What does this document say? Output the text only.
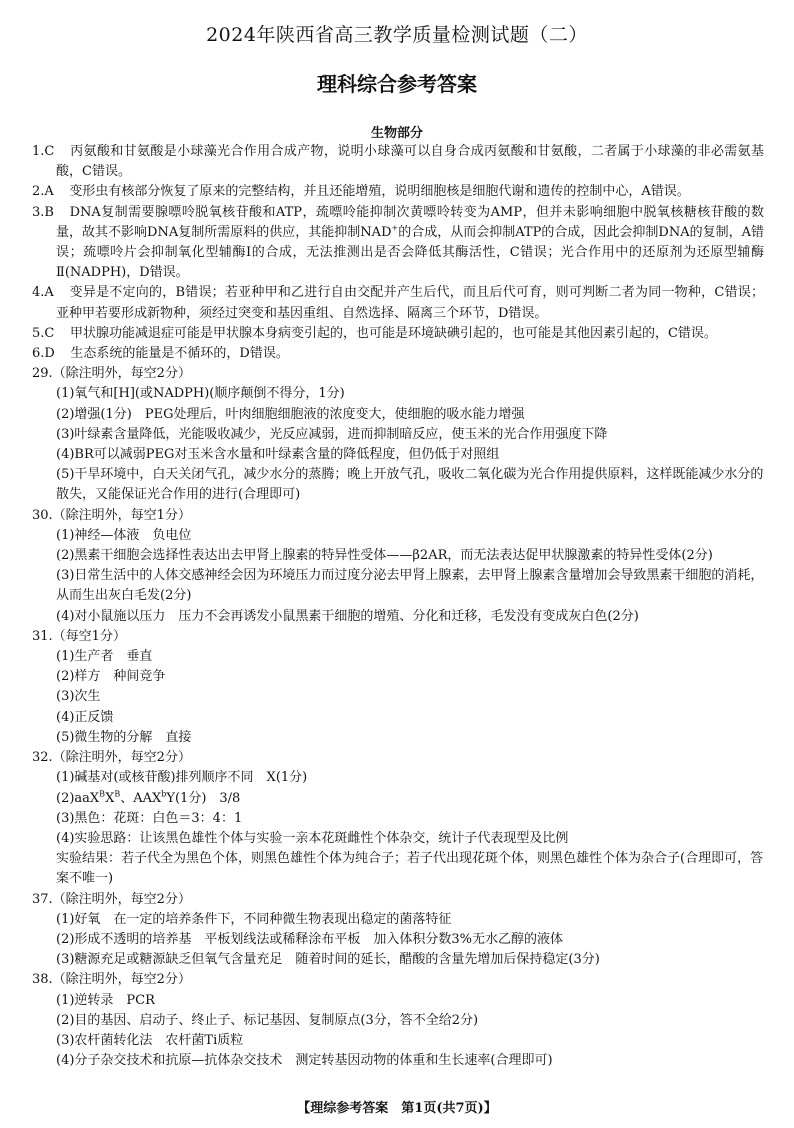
2024年陕西省高三教学质量检测试题（二）
理科综合参考答案
生物部分

1.C 丙氨酸和甘氨酸是小球藻光合作用合成产物，说明小球藻可以自身合成丙氨酸和甘氨酸，二者属于小球藻的非必需氨基酸，C错误。

2.A 变形虫有核部分恢复了原来的完整结构，并且还能增殖，说明细胞核是细胞代谢和遗传的控制中心，A错误。

3.B DNA复制需要腺嘌呤脱氧核苷酸和ATP，巯嘌呤能抑制次黄嘌呤转变为AMP，但并未影响细胞中脱氧核糖核苷酸的数量，故其不影响DNA复制所需原料的供应，其能抑制NAD+的合成，从而会抑制ATP的合成，因此会抑制DNA的复制，A错误；巯嘌呤片会抑制氧化型辅酶Ⅰ的合成，无法推测出是否会降低其酶活性，C错误；光合作用中的还原剂为还原型辅酶Ⅱ(NADPH)，D错误。

4.A 变异是不定向的，B错误；若亚种甲和乙进行自由交配并产生后代，而且后代可育，则可判断二者为同一物种，C错误；亚种甲若要形成新物种，须经过突变和基因重组、自然选择、隔离三个环节，D错误。

5.C 甲状腺功能减退症可能是甲状腺本身病变引起的，也可能是环境缺碘引起的，也可能是其他因素引起的，C错误。

6.D 生态系统的能量是不循环的，D错误。

29.（除注明外，每空2分）

(1)氧气和[H](或NADPH)(顺序颠倒不得分，1分)

(2)增强(1分)　PEG处理后，叶肉细胞细胞液的浓度变大，使细胞的吸水能力增强

(3)叶绿素含量降低，光能吸收减少，光反应减弱，进而抑制暗反应，使玉米的光合作用强度下降

(4)BR可以减弱PEG对玉米含水量和叶绿素含量的降低程度，但仍低于对照组

(5)干旱环境中，白天关闭气孔，减少水分的蒸腾；晚上开放气孔，吸收二氧化碳为光合作用提供原料，这样既能减少水分的散失，又能保证光合作用的进行(合理即可)

30.（除注明外，每空1分）

(1)神经—体液　负电位

(2)黑素干细胞会选择性表达出去甲肾上腺素的特异性受体——β2AR，而无法表达促甲状腺激素的特异性受体(2分)

(3)日常生活中的人体交感神经会因为环境压力而过度分泌去甲肾上腺素，去甲肾上腺素含量增加会导致黑素干细胞的消耗，从而生出灰白毛发(2分)

(4)对小鼠施以压力　压力不会再诱发小鼠黑素干细胞的增殖、分化和迁移，毛发没有变成灰白色(2分)

31.（每空1分）

(1)生产者　垂直

(2)样方　种间竞争

(3)次生

(4)正反馈

(5)微生物的分解　直接

32.（除注明外，每空2分）

(1)碱基对(或核苷酸)排列顺序不同　X(1分)

$(2)aaX^BX^B$、AAX$^b$Y(1分)　3/8

(3)黑色：花斑：白色＝3：4：1

(4)实验思路：让该黑色雄性个体与实验一亲本花斑雌性个体杂交，统计子代表现型及比例

实验结果：若子代全为黑色个体，则黑色雄性个体为纯合子；若子代出现花斑个体，则黑色雄性个体为杂合子(合理即可，答案不唯一)

37.（除注明外，每空2分）

(1)好氧　在一定的培养条件下，不同种微生物表现出稳定的菌落特征

(2)形成不透明的培养基　平板划线法或稀释涂布平板　加入体积分数3%无水乙醇的液体

(3)糖源充足或糖源缺乏但氧气含量充足　随着时间的延长，醋酸的含量先增加后保持稳定(3分)

38.（除注明外，每空2分）

(1)逆转录　PCR

(2)目的基因、启动子、终止子、标记基因、复制原点(3分，答不全给2分)

(3)农杆菌转化法　农杆菌Ti质粒

(4)分子杂交技术和抗原—抗体杂交技术　测定转基因动物的体重和生长速率(合理即可)

【理综参考答案　第1页(共7页)】
